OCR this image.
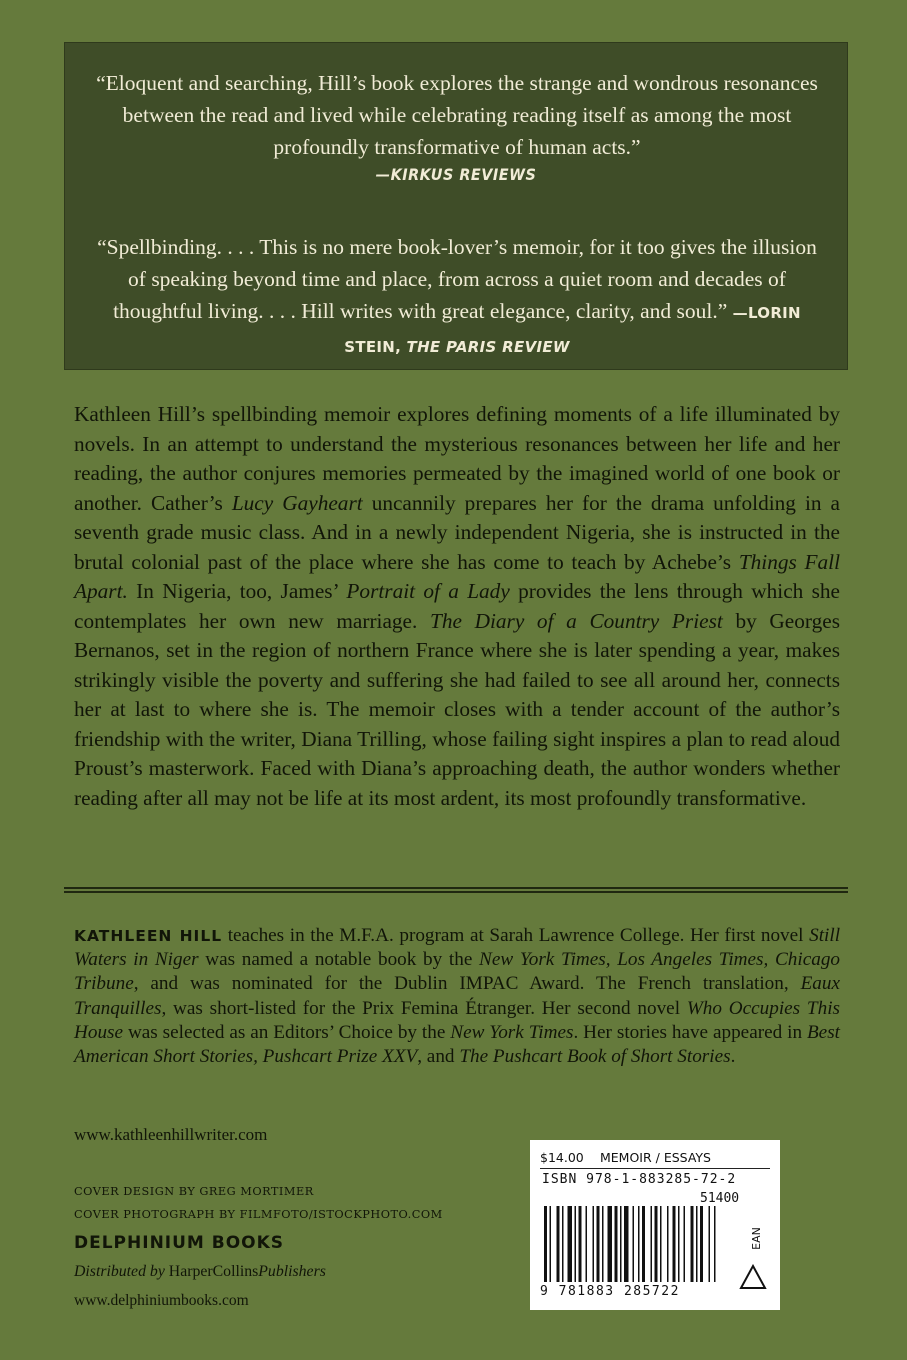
“Eloquent and searching, Hill’s book explores the strange and wondrous resonances between the read and lived while celebrating reading itself as among the most profoundly transformative of human acts.”
—KIRKUS REVIEWS
“Spellbinding. . . . This is no mere book-lover’s memoir, for it too gives the illusion of speaking beyond time and place, from across a quiet room and decades of thoughtful living. . . . Hill writes with great elegance, clarity, and soul.” —LORIN STEIN, THE PARIS REVIEW
Kathleen Hill’s spellbinding memoir explores defining moments of a life illuminated by novels. In an attempt to understand the mysterious resonances between her life and her reading, the author conjures memories permeated by the imagined world of one book or another. Cather’s Lucy Gayheart uncannily prepares her for the drama unfolding in a seventh grade music class. And in a newly independent Nigeria, she is instructed in the brutal colonial past of the place where she has come to teach by Achebe’s Things Fall Apart. In Nigeria, too, James’ Portrait of a Lady provides the lens through which she contemplates her own new marriage. The Diary of a Country Priest by Georges Bernanos, set in the region of northern France where she is later spending a year, makes strikingly visible the poverty and suffering she had failed to see all around her, connects her at last to where she is. The memoir closes with a tender account of the author’s friendship with the writer, Diana Trilling, whose failing sight inspires a plan to read aloud Proust’s masterwork. Faced with Diana’s approaching death, the author wonders whether reading after all may not be life at its most ardent, its most profoundly transformative.
KATHLEEN HILL teaches in the M.F.A. program at Sarah Lawrence College. Her first novel Still Waters in Niger was named a notable book by the New York Times, Los Angeles Times, Chicago Tribune, and was nominated for the Dublin IMPAC Award. The French translation, Eaux Tranquilles, was short-listed for the Prix Femina Étranger. Her second novel Who Occupies This House was selected as an Editors’ Choice by the New York Times. Her stories have appeared in Best American Short Stories, Pushcart Prize XXV, and The Pushcart Book of Short Stories.
www.kathleenhillwriter.com
COVER DESIGN BY GREG MORTIMER
COVER PHOTOGRAPH BY FILMFOTO/ISTOCKPHOTO.COM
DELPHINIUM BOOKS
Distributed by HarperCollinsPublishers
www.delphiniumbooks.com
$14.00 MEMOIR / ESSAYS
ISBN 978-1-883285-72-2
51400
9 781883 285722
EAN
